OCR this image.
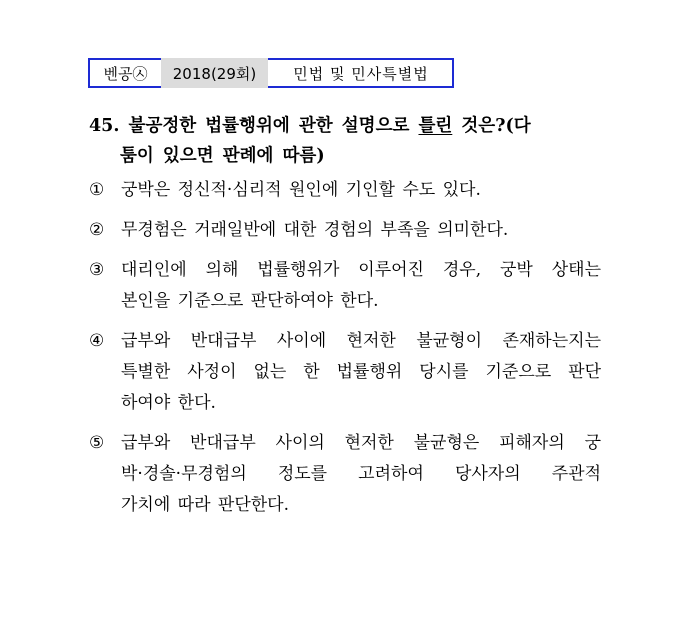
벤공㉦	2018(29회)	민법 및 민사특별법
45. 불공정한 법률행위에 관한 설명으로 틀린 것은?(다
툼이 있으면 판례에 따름)
① 궁박은 정신적·심리적 원인에 기인할 수도 있다.
② 무경험은 거래일반에 대한 경험의 부족을 의미한다.
③ 대리인에 의해 법률행위가 이루어진 경우, 궁박 상태는
본인을 기준으로 판단하여야 한다.
④ 급부와 반대급부 사이에 현저한 불균형이 존재하는지는
특별한 사정이 없는 한 법률행위 당시를 기준으로 판단
하여야 한다.
⑤ 급부와 반대급부 사이의 현저한 불균형은 피해자의 궁
박·경솔·무경험의 정도를 고려하여 당사자의 주관적
가치에 따라 판단한다.
